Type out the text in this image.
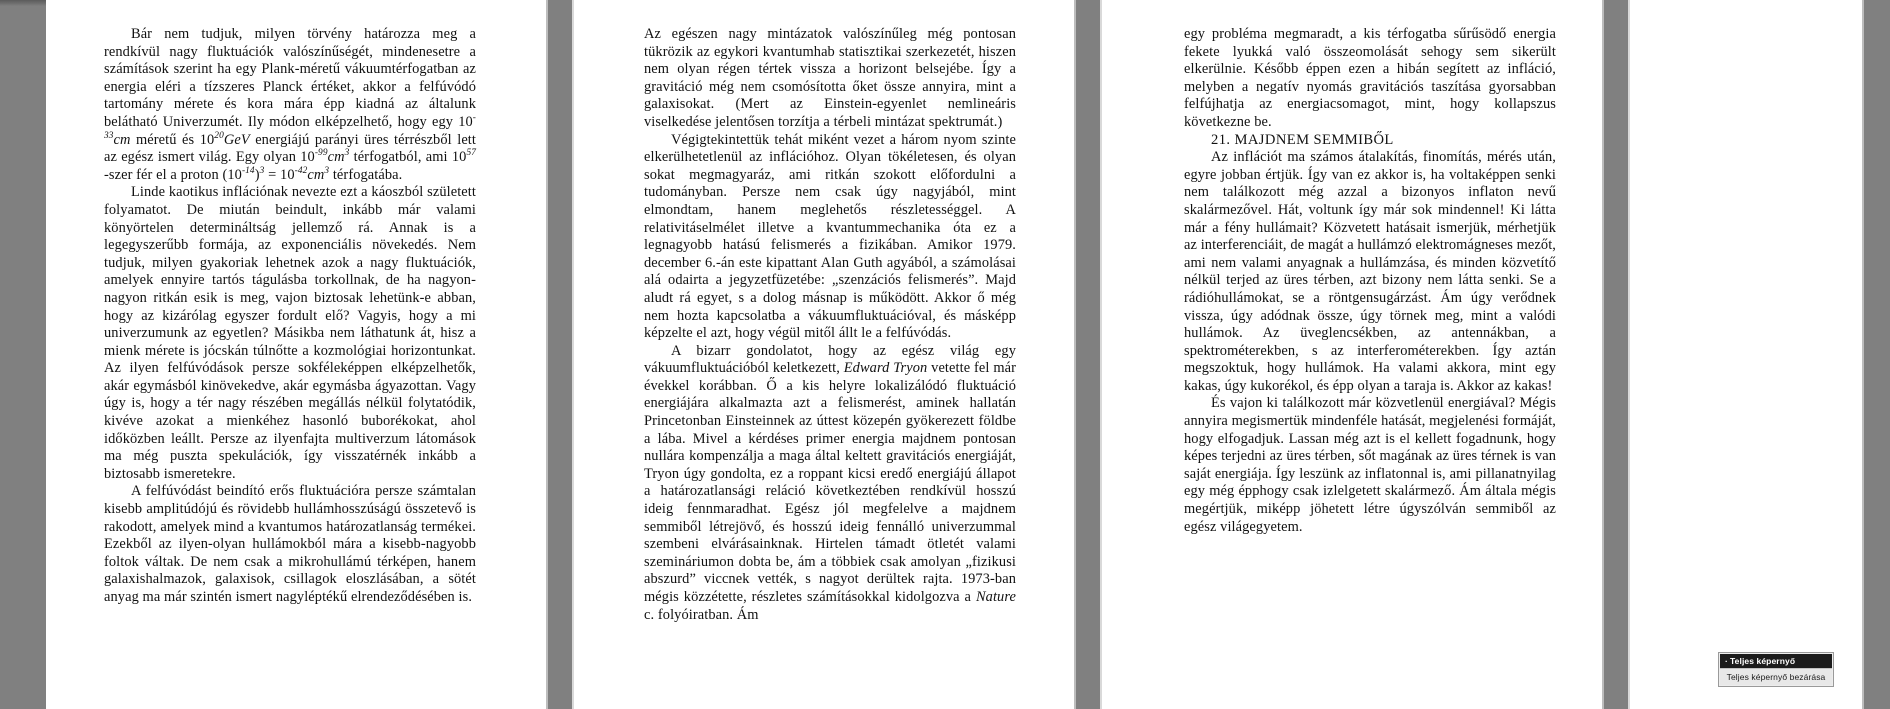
Bár nem tudjuk, milyen törvény határozza meg a rendkívül nagy fluktuációk valószínűségét, mindenesetre a számítások szerint ha egy Plank-méretű vákuumtérfogatban az energia eléri a tízszeres Planck értéket, akkor a felfúvódó tartomány mérete és kora mára épp kiadná az általunk belátható Univerzumét. Ily módon elképzelhető, hogy egy $10^{-33}cm$ méretű és $10^{20}GeV$ energiájú parányi üres térrészből lett az egész ismert világ. Egy olyan $10^{-99}cm^3$ térfogatból, ami $10^{57}$ -szer fér el a proton $(10^{-14})^3 = 10^{-42}cm^3$ térfogatába.

Linde kaotikus inflációnak nevezte ezt a káoszból született folyamatot. De miután beindult, inkább már valami könyörtelen determináltság jellemző rá. Annak is a legegyszerűbb formája, az exponenciális növekedés. Nem tudjuk, milyen gyakoriak lehetnek azok a nagy fluktuációk, amelyek ennyire tartós tágulásba torkollnak, de ha nagyon-nagyon ritkán esik is meg, vajon biztosak lehetünk-e abban, hogy az kizárólag egyszer fordult elő? Vagyis, hogy a mi univerzumunk az egyetlen? Másikba nem láthatunk át, hisz a mienk mérete is jócskán túlnőtte a kozmológiai horizontunkat. Az ilyen felfúvódások persze sokféleképpen elképzelhetők, akár egymásból kinövekedve, akár egymásba ágyazottan. Vagy úgy is, hogy a tér nagy részében megállás nélkül folytatódik, kivéve azokat a mienkéhez hasonló buborékokat, ahol időközben leállt. Persze az ilyenfajta multiverzum látomások ma még puszta spekulációk, így visszatérnék inkább a biztosabb ismeretekre.

A felfúvódást beindító erős fluktuációra persze számtalan kisebb amplitúdójú és rövidebb hullámhosszúságú összetevő is rakodott, amelyek mind a kvantumos határozatlanság termékei. Ezekből az ilyen-olyan hullámokból mára a kisebb-nagyobb foltok váltak. De nem csak a mikrohullámú térképen, hanem galaxishalmazok, galaxisok, csillagok eloszlásában, a sötét anyag ma már szintén ismert nagyléptékű elrendeződésében is.

Az egészen nagy mintázatok valószínűleg még pontosan tükrözik az egykori kvantumhab statisztikai szerkezetét, hiszen nem olyan régen tértek vissza a horizont belsejébe. Így a gravitáció még nem csomósította őket össze annyira, mint a galaxisokat. (Mert az Einstein-egyenlet nemlineáris viselkedése jelentősen torzítja a térbeli mintázat spektrumát.)

Végigtekintettük tehát miként vezet a három nyom szinte elkerülhetetlenül az inflációhoz. Olyan tökéletesen, és olyan sokat megmagyaráz, ami ritkán szokott előfordulni a tudományban. Persze nem csak úgy nagyjából, mint elmondtam, hanem meglehetős részletességgel. A relativitáselmélet illetve a kvantummechanika óta ez a legnagyobb hatású felismerés a fizikában. Amikor 1979. december 6.-án este kipattant Alan Guth agyából, a számolásai alá odairta a jegyzetfüzetébe: „szenzációs felismerés”. Majd aludt rá egyet, s a dolog másnap is működött. Akkor ő még nem hozta kapcsolatba a vákuumfluktuációval, és másképp képzelte el azt, hogy végül mitől állt le a felfúvódás.

A bizarr gondolatot, hogy az egész világ egy vákuumfluktuációból keletkezett, Edward Tryon vetette fel már évekkel korábban. Ő a kis helyre lokalizálódó fluktuáció energiájára alkalmazta azt a felismerést, aminek hallatán Princetonban Einsteinnek az úttest közepén gyökerezett földbe a lába. Mivel a kérdéses primer energia majdnem pontosan nullára kompenzálja a maga által keltett gravitációs energiáját, Tryon úgy gondolta, ez a roppant kicsi eredő energiájú állapot a határozatlansági reláció következtében rendkívül hosszú ideig fennmaradhat. Egész jól megfelelve a majdnem semmiből létrejövő, és hosszú ideig fennálló univerzummal szembeni elvárásainknak. Hirtelen támadt ötletét valami szemináriumon dobta be, ám a többiek csak amolyan „fizikusi abszurd” viccnek vették, s nagyot derültek rajta. 1973-ban mégis közzétette, részletes számításokkal kidolgozva a Nature c. folyóiratban. Ám

egy probléma megmaradt, a kis térfogatba sűrűsödő energia fekete lyukká való összeomolását sehogy sem sikerült elkerülnie. Később éppen ezen a hibán segített az infláció, melyben a negatív nyomás gravitációs taszítása gyorsabban felfújhatja az energiacsomagot, mint, hogy kollapszus következne be.

21. MAJDNEM SEMMIBŐL

Az inflációt ma számos átalakítás, finomítás, mérés után, egyre jobban értjük. Így van ez akkor is, ha voltaképpen senki nem találkozott még azzal a bizonyos inflaton nevű skalármezővel. Hát, voltunk így már sok mindennel! Ki látta már a fény hullámait? Közvetett hatásait ismerjük, mérhetjük az interferenciáit, de magát a hullámzó elektromágneses mezőt, ami nem valami anyagnak a hullámzása, és minden közvetítő nélkül terjed az üres térben, azt bizony nem látta senki. Se a rádióhullámokat, se a röntgensugárzást. Ám úgy verődnek vissza, úgy adódnak össze, úgy törnek meg, mint a valódi hullámok. Az üveglencsékben, az antennákban, a spektrométerekben, s az interferométerekben. Így aztán megszoktuk, hogy hullámok. Ha valami akkora, mint egy kakas, úgy kukorékol, és épp olyan a taraja is. Akkor az kakas!

És vajon ki találkozott már közvetlenül energiával? Mégis annyira megismertük mindenféle hatását, megjelenési formáját, hogy elfogadjuk. Lassan még azt is el kellett fogadnunk, hogy képes terjedni az üres térben, sőt magának az üres térnek is van saját energiája. Így leszünk az inflatonnal is, ami pillanatnyilag egy még épphogy csak izlelgetett skalármező. Ám általa mégis megértjük, miképp jöhetett létre úgyszólván semmiből az egész világegyetem.

· Teljes képernyő
Teljes képernyő bezárása
